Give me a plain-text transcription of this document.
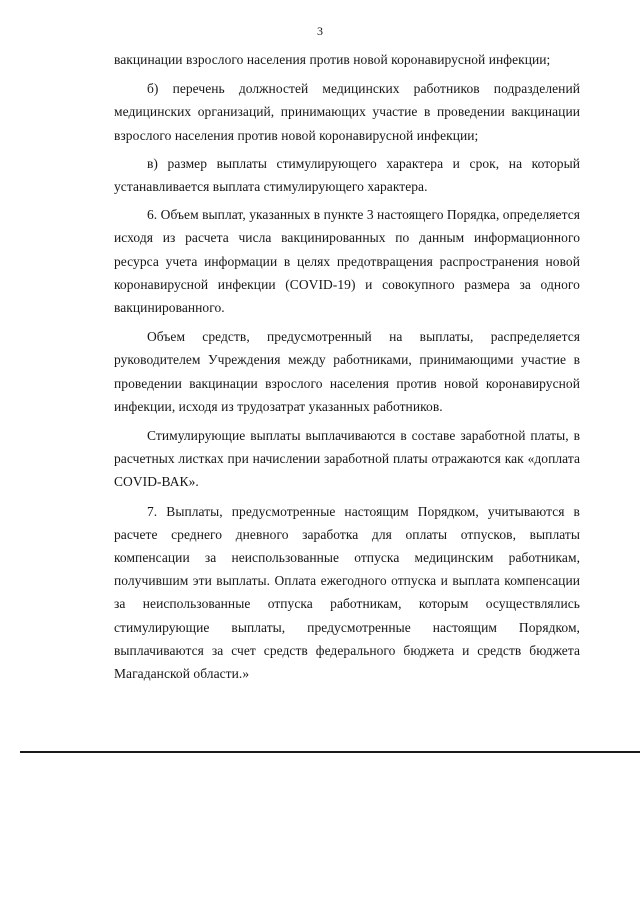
3

вакцинации взрослого населения против новой коронавирусной инфекции;

б) перечень должностей медицинских работников подразделений медицинских организаций, принимающих участие в проведении вакцинации взрослого населения против новой коронавирусной инфекции;

в) размер выплаты стимулирующего характера и срок, на который устанавливается выплата стимулирующего характера.

6. Объем выплат, указанных в пункте 3 настоящего Порядка, определяется исходя из расчета числа вакцинированных по данным информационного ресурса учета информации в целях предотвращения распространения новой коронавирусной инфекции (COVID-19) и совокупного размера за одного вакцинированного.

Объем средств, предусмотренный на выплаты, распределяется руководителем Учреждения между работниками, принимающими участие в проведении вакцинации взрослого населения против новой коронавирусной инфекции, исходя из трудозатрат указанных работников.

Стимулирующие выплаты выплачиваются в составе заработной платы, в расчетных листках при начислении заработной платы отражаются как «доплата COVID-ВАК».

7. Выплаты, предусмотренные настоящим Порядком, учитываются в расчете среднего дневного заработка для оплаты отпусков, выплаты компенсации за неиспользованные отпуска медицинским работникам, получившим эти выплаты. Оплата ежегодного отпуска и выплата компенсации за неиспользованные отпуска работникам, которым осуществлялись стимулирующие выплаты, предусмотренные настоящим Порядком, выплачиваются за счет средств федерального бюджета и средств бюджета Магаданской области.»
